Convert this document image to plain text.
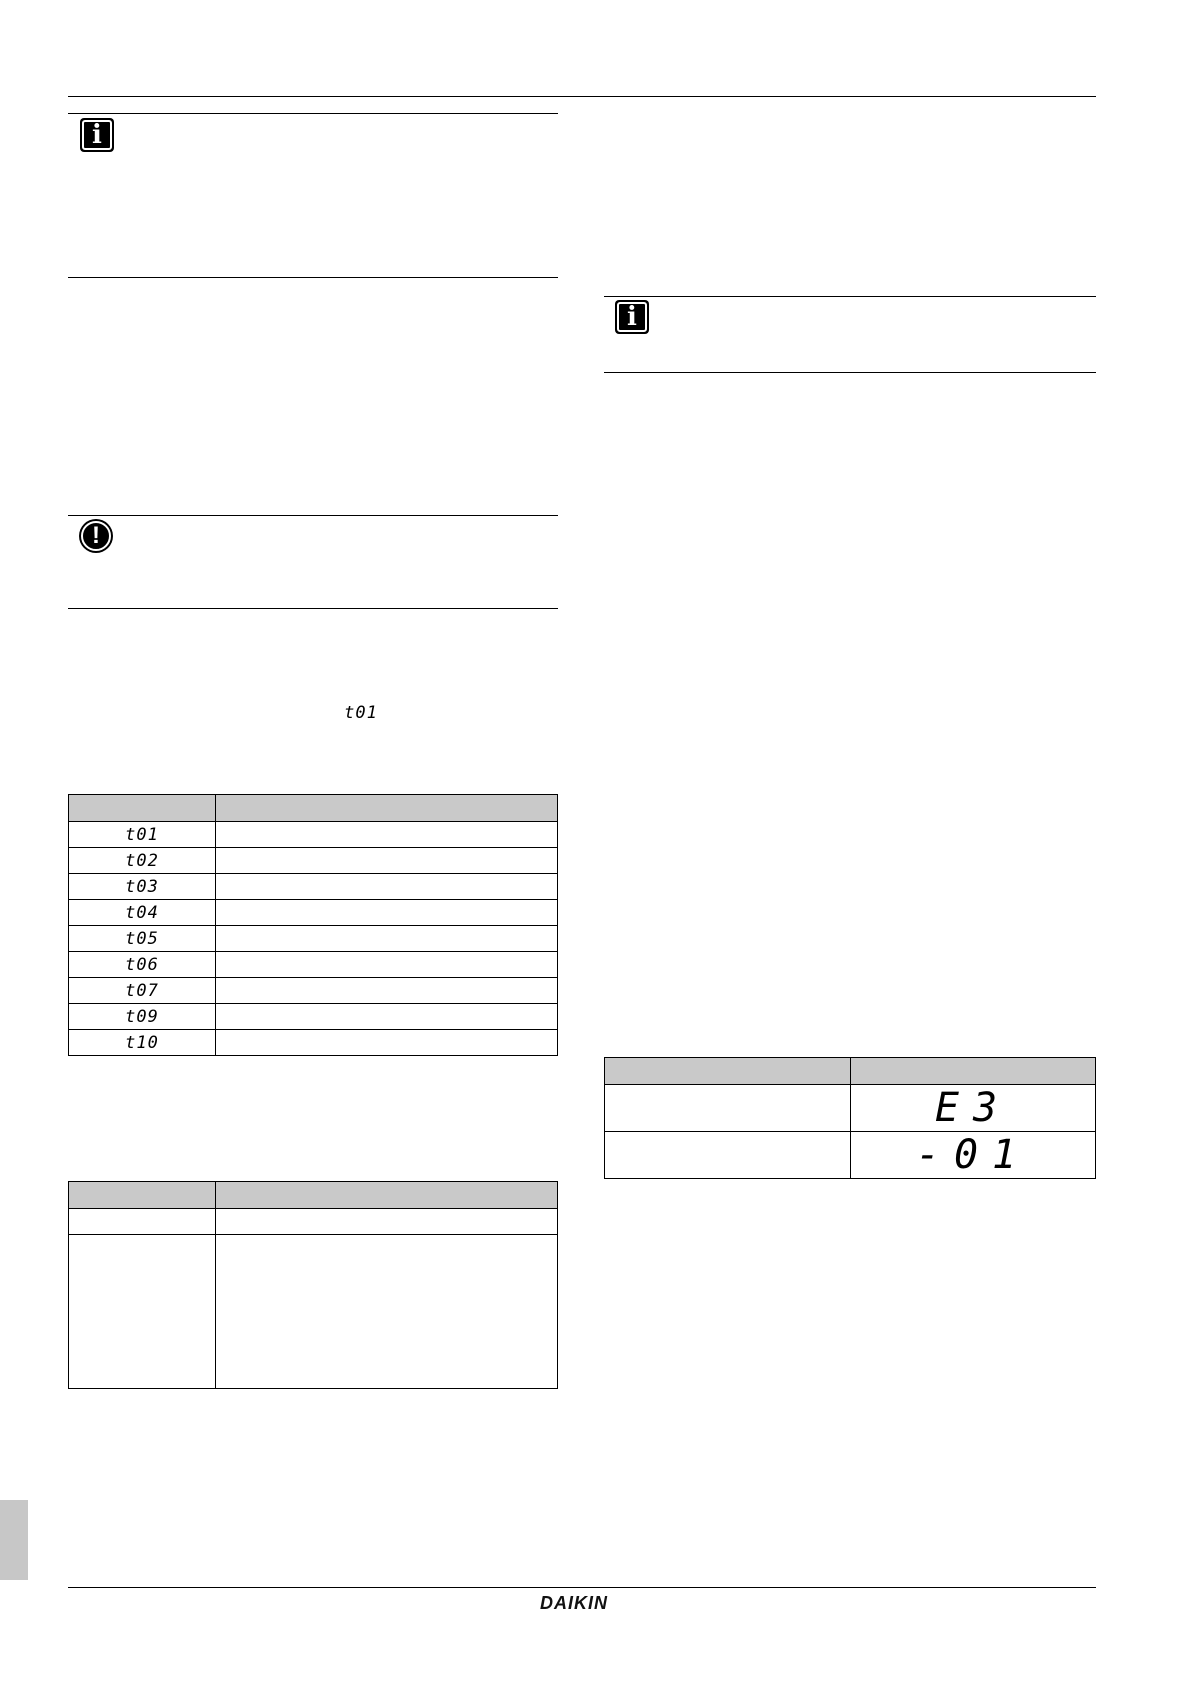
i
!
t01

t01	
t02	
t03	
t04	
t05	
t06	
t07	
t09	
t10	

i

	E3
	-01
DAIKIN
